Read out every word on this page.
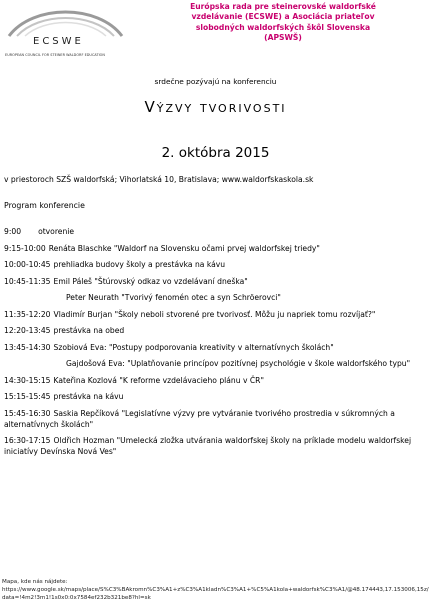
ECSWE
EUROPEAN COUNCIL FOR STEINER WALDORF EDUCATION
Európska rada pre steinerovské waldorfské
vzdelávanie (ECSWE) a Asociácia priateľov
slobodných waldorfských škôl Slovenska
(APSWŠ)
srdečne pozývajú na konferenciu
Výzvy tvorivosti
2. októbra 2015
v priestoroch SZŠ waldorfská; Vihorlatská 10, Bratislava; www.waldorfskaskola.sk
Program konferencie
9:00 otvorenie
9:15-10:00 Renáta Blaschke "Waldorf na Slovensku očami prvej waldorfskej triedy"
10:00-10:45 prehliadka budovy školy a prestávka na kávu
10:45-11:35 Emil Páleš "Štúrovský odkaz vo vzdelávaní dneška"
Peter Neurath "Tvorivý fenomén otec a syn Schröerovci"
11:35-12:20 Vladimír Burjan "Školy neboli stvorené pre tvorivosť. Môžu ju napriek tomu rozvíjať?"
12:20-13:45 prestávka na obed
13:45-14:30 Szobiová Eva: "Postupy podporovania kreativity v alternatívnych školách"
Gajdošová Eva: "Uplatňovanie princípov pozitívnej psychológie v škole waldorfského typu"
14:30-15:15 Kateřina Kozlová "K reforme vzdelávacieho plánu v ČR"
15:15-15:45 prestávka na kávu
15:45-16:30 Saskia Repčíková "Legislatívne výzvy pre vytváranie tvorivého prostredia v súkromných a alternatívnych školách"
16:30-17:15 Oldřich Hozman "Umelecká zložka utvárania waldorfskej školy na príklade modelu waldorfskej iniciatívy Devínska Nová Ves"
Mapa, kde nás nájdete:
https://www.google.sk/maps/place/S%C3%BAkromn%C3%A1+z%C3%A1kladn%C3%A1+%C5%A1kola+waldorfsk%C3%A1/@48.174443,17.153006,15z/data=!4m2!3m1!1s0x0:0x7584ef232b321be8?hl=sk
